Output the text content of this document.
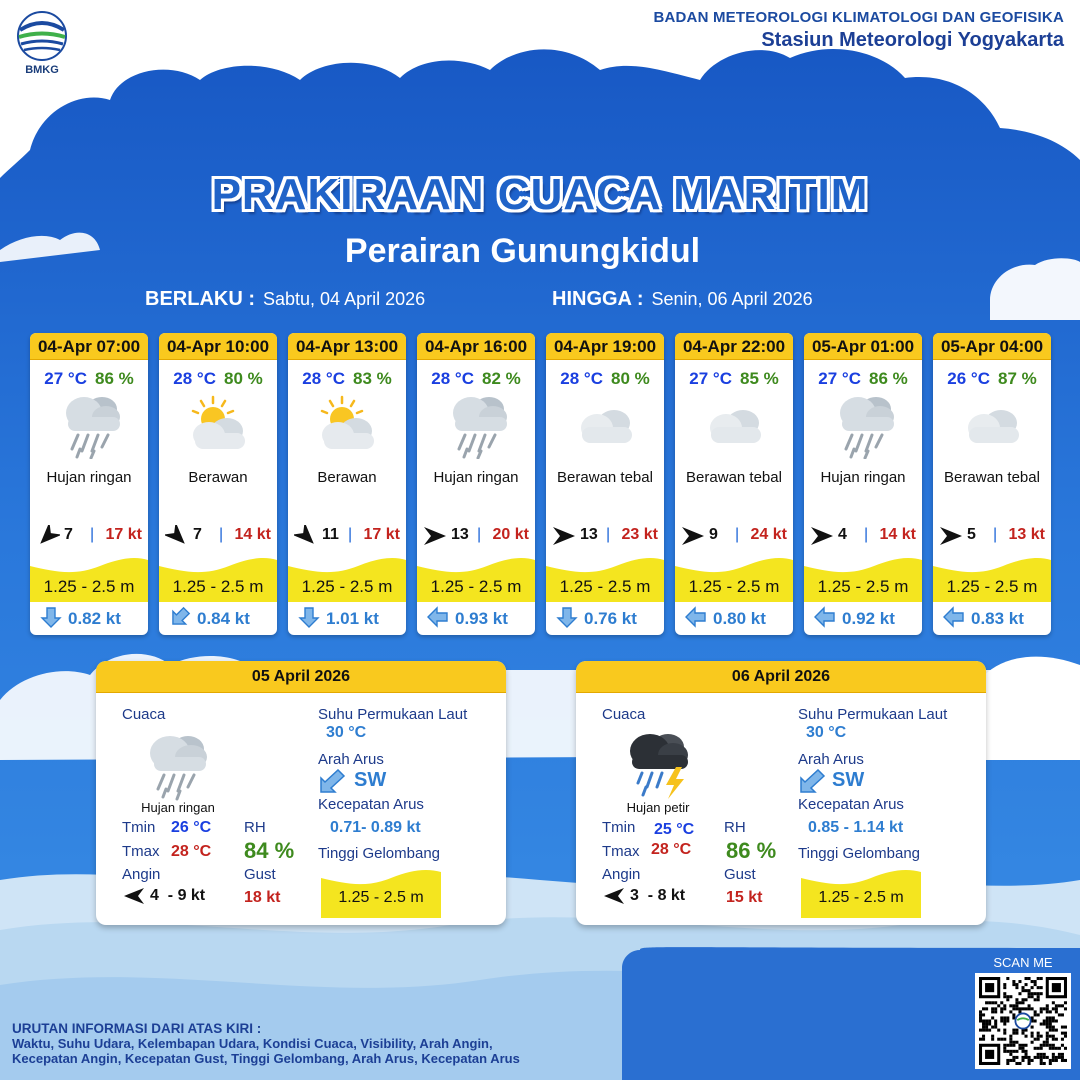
BMKG
BADAN METEOROLOGI KLIMATOLOGI DAN GEOFISIKA
Stasiun Meteorologi Yogyakarta
PRAKIRAAN CUACA MARITIM
Perairan Gunungkidul
BERLAKU : Sabtu, 04 April 2026	HINGGA : Senin, 06 April 2026
04-Apr 07:00
27 °C 86 %
Hujan ringan
7 | 17 kt
1.25 - 2.5 m
0.82 kt
04-Apr 10:00
28 °C 80 %
Berawan
7 | 14 kt
1.25 - 2.5 m
0.84 kt
04-Apr 13:00
28 °C 83 %
Berawan
11 | 17 kt
1.25 - 2.5 m
1.01 kt
04-Apr 16:00
28 °C 82 %
Hujan ringan
13 | 20 kt
1.25 - 2.5 m
0.93 kt
04-Apr 19:00
28 °C 80 %
Berawan tebal
13 | 23 kt
1.25 - 2.5 m
0.76 kt
04-Apr 22:00
27 °C 85 %
Berawan tebal
9 | 24 kt
1.25 - 2.5 m
0.80 kt
05-Apr 01:00
27 °C 86 %
Hujan ringan
4 | 14 kt
1.25 - 2.5 m
0.92 kt
05-Apr 04:00
26 °C 87 %
Berawan tebal
5 | 13 kt
1.25 - 2.5 m
0.83 kt
05 April 2026
Cuaca
Hujan ringan
Tmin 26 °C
Tmax 28 °C
Angin
4  - 9 kt
RH
84 %
Gust
18 kt
Suhu Permukaan Laut
30 °C
Arah Arus
SW
Kecepatan Arus
0.71- 0.89 kt
Tinggi Gelombang
1.25 - 2.5 m
06 April 2026
Cuaca
Hujan petir
Tmin 25 °C
Tmax 28 °C
Angin
3  - 8 kt
RH
86 %
Gust
15 kt
Suhu Permukaan Laut
30 °C
Arah Arus
SW
Kecepatan Arus
0.85 - 1.14 kt
Tinggi Gelombang
1.25 - 2.5 m
URUTAN INFORMASI DARI ATAS KIRI :
Waktu, Suhu Udara, Kelembapan Udara, Kondisi Cuaca, Visibility, Arah Angin,
Kecepatan Angin, Kecepatan Gust, Tinggi Gelombang, Arah Arus, Kecepatan Arus
SCAN ME
